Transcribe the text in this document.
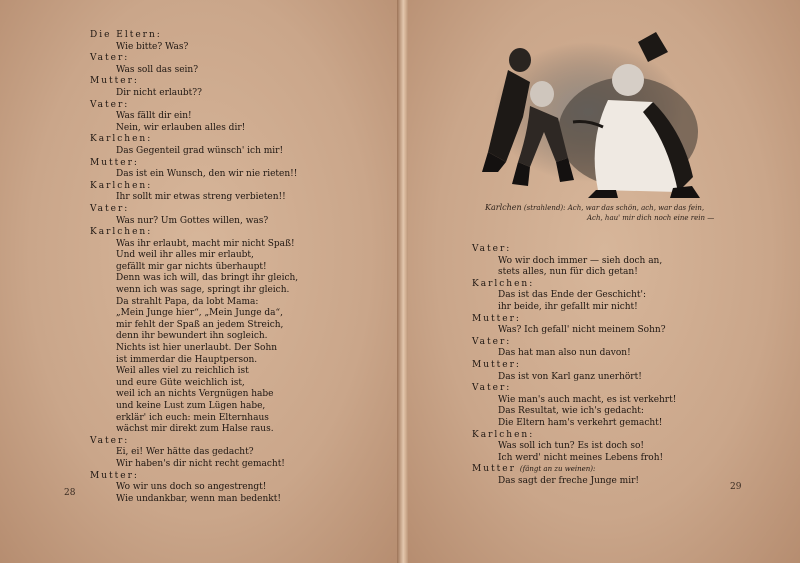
Die Eltern:
Wie bitte? Was?
Vater:
Was soll das sein?
Mutter:
Dir nicht erlaubt??
Vater:
Was fällt dir ein!
Nein, wir erlauben alles dir!
Karlchen:
Das Gegenteil grad wünsch' ich mir!
Mutter:
Das ist ein Wunsch, den wir nie rieten!!
Karlchen:
Ihr sollt mir etwas streng verbieten!!
Vater:
Was nur? Um Gottes willen, was?
Karlchen:
Was ihr erlaubt, macht mir nicht Spaß!
Und weil ihr alles mir erlaubt,
gefällt mir gar nichts überhaupt!
Denn was ich will, das bringt ihr gleich,
wenn ich was sage, springt ihr gleich.
Da strahlt Papa, da lobt Mama:
„Mein Junge hier“, „Mein Junge da“,
mir fehlt der Spaß an jedem Streich,
denn ihr bewundert ihn sogleich.
Nichts ist hier unerlaubt. Der Sohn
ist immerdar die Hauptperson.
Weil alles viel zu reichlich ist
und eure Güte weichlich ist,
weil ich an nichts Vergnügen habe
und keine Lust zum Lügen habe,
erklär' ich euch: mein Elternhaus
wächst mir direkt zum Halse raus.
Vater:
Ei, ei! Wer hätte das gedacht?
Wir haben's dir nicht recht gemacht!
Mutter:
Wo wir uns doch so angestrengt!
Wie undankbar, wenn man bedenkt!
28
29
Karlchen (strahlend): Ach, war das schön, ach, war das fein,
Ach, hau' mir dich noch eine rein —
Vater:
Wo wir doch immer — sieh doch an,
stets alles, nun für dich getan!
Karlchen:
Das ist das Ende der Geschicht':
ihr beide, ihr gefallt mir nicht!
Mutter:
Was? Ich gefall' nicht meinem Sohn?
Vater:
Das hat man also nun davon!
Mutter:
Das ist von Karl ganz unerhört!
Vater:
Wie man's auch macht, es ist verkehrt!
Das Resultat, wie ich's gedacht:
Die Eltern ham's verkehrt gemacht!
Karlchen:
Was soll ich tun? Es ist doch so!
Ich werd' nicht meines Lebens froh!
Mutter (fängt an zu weinen):
Das sagt der freche Junge mir!
